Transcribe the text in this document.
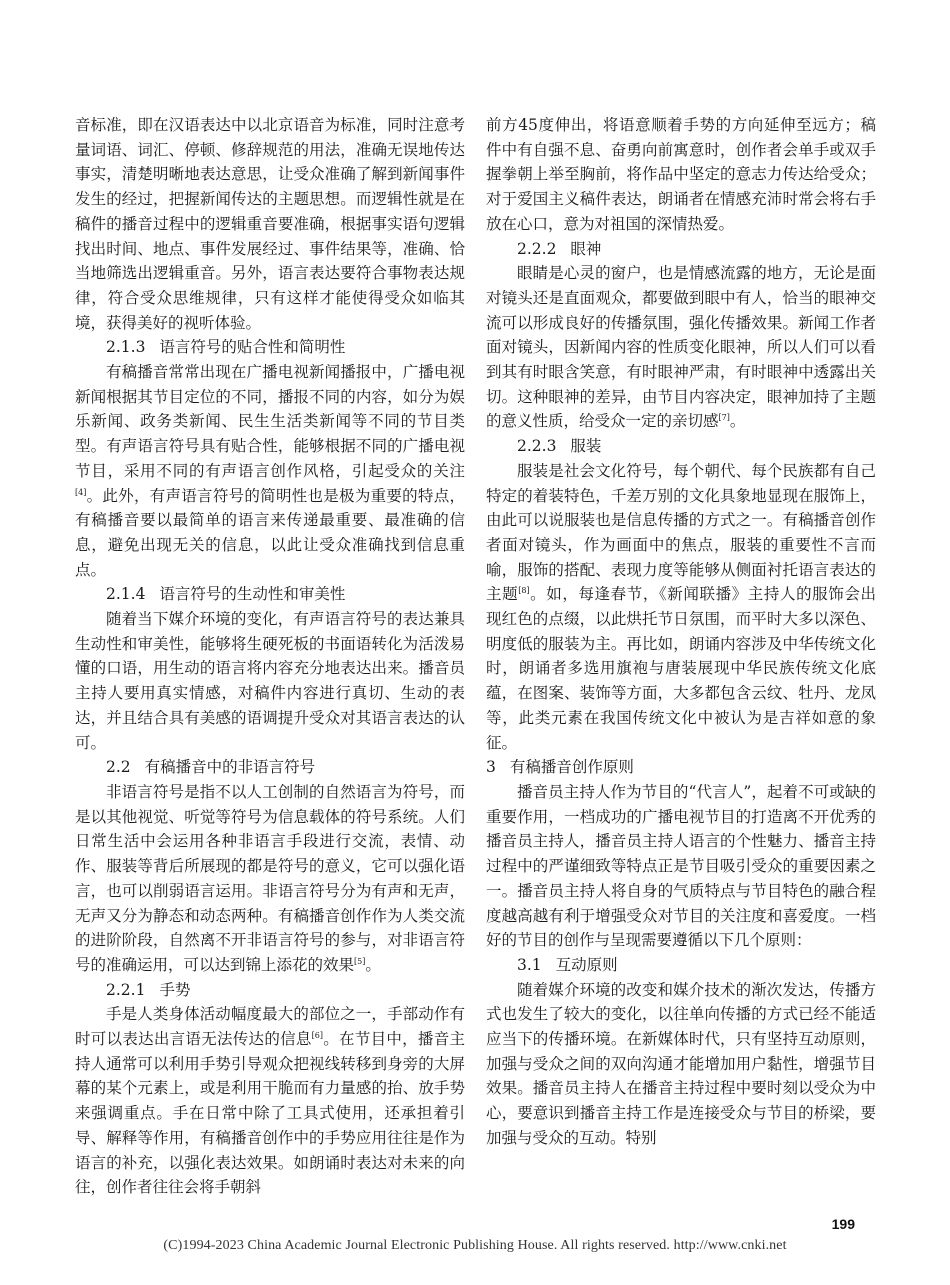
音标准，即在汉语表达中以北京语音为标准，同时注意考量词语、词汇、停顿、修辞规范的用法，准确无误地传达事实，清楚明晰地表达意思，让受众准确了解到新闻事件发生的经过，把握新闻传达的主题思想。而逻辑性就是在稿件的播音过程中的逻辑重音要准确，根据事实语句逻辑找出时间、地点、事件发展经过、事件结果等，准确、恰当地筛选出逻辑重音。另外，语言表达要符合事物表达规律，符合受众思维规律，只有这样才能使得受众如临其境，获得美好的视听体验。

2.1.3 语言符号的贴合性和简明性

有稿播音常常出现在广播电视新闻播报中，广播电视新闻根据其节目定位的不同，播报不同的内容，如分为娱乐新闻、政务类新闻、民生生活类新闻等不同的节目类型。有声语言符号具有贴合性，能够根据不同的广播电视节目，采用不同的有声语言创作风格，引起受众的关注[4]。此外，有声语言符号的简明性也是极为重要的特点，有稿播音要以最简单的语言来传递最重要、最准确的信息，避免出现无关的信息，以此让受众准确找到信息重点。

2.1.4 语言符号的生动性和审美性

随着当下媒介环境的变化，有声语言符号的表达兼具生动性和审美性，能够将生硬死板的书面语转化为活泼易懂的口语，用生动的语言将内容充分地表达出来。播音员主持人要用真实情感，对稿件内容进行真切、生动的表达，并且结合具有美感的语调提升受众对其语言表达的认可。

2.2 有稿播音中的非语言符号

非语言符号是指不以人工创制的自然语言为符号，而是以其他视觉、听觉等符号为信息载体的符号系统。人们日常生活中会运用各种非语言手段进行交流，表情、动作、服装等背后所展现的都是符号的意义，它可以强化语言，也可以削弱语言运用。非语言符号分为有声和无声，无声又分为静态和动态两种。有稿播音创作作为人类交流的进阶阶段，自然离不开非语言符号的参与，对非语言符号的准确运用，可以达到锦上添花的效果[5]。

2.2.1 手势

手是人类身体活动幅度最大的部位之一，手部动作有时可以表达出言语无法传达的信息[6]。在节目中，播音主持人通常可以利用手势引导观众把视线转移到身旁的大屏幕的某个元素上，或是利用干脆而有力量感的抬、放手势来强调重点。手在日常中除了工具式使用，还承担着引导、解释等作用，有稿播音创作中的手势应用往往是作为语言的补充，以强化表达效果。如朗诵时表达对未来的向往，创作者往往会将手朝斜

前方45度伸出，将语意顺着手势的方向延伸至远方；稿件中有自强不息、奋勇向前寓意时，创作者会单手或双手握拳朝上举至胸前，将作品中坚定的意志力传达给受众；对于爱国主义稿件表达，朗诵者在情感充沛时常会将右手放在心口，意为对祖国的深情热爱。

2.2.2 眼神

眼睛是心灵的窗户，也是情感流露的地方，无论是面对镜头还是直面观众，都要做到眼中有人，恰当的眼神交流可以形成良好的传播氛围，强化传播效果。新闻工作者面对镜头，因新闻内容的性质变化眼神，所以人们可以看到其有时眼含笑意，有时眼神严肃，有时眼神中透露出关切。这种眼神的差异，由节目内容决定，眼神加持了主题的意义性质，给受众一定的亲切感[7]。

2.2.3 服装

服装是社会文化符号，每个朝代、每个民族都有自己特定的着装特色，千差万别的文化具象地显现在服饰上，由此可以说服装也是信息传播的方式之一。有稿播音创作者面对镜头，作为画面中的焦点，服装的重要性不言而喻，服饰的搭配、表现力度等能够从侧面衬托语言表达的主题[8]。如，每逢春节，《新闻联播》主持人的服饰会出现红色的点缀，以此烘托节日氛围，而平时大多以深色、明度低的服装为主。再比如，朗诵内容涉及中华传统文化时，朗诵者多选用旗袍与唐装展现中华民族传统文化底蕴，在图案、装饰等方面，大多都包含云纹、牡丹、龙凤等，此类元素在我国传统文化中被认为是吉祥如意的象征。

3 有稿播音创作原则

播音员主持人作为节目的“代言人”，起着不可或缺的重要作用，一档成功的广播电视节目的打造离不开优秀的播音员主持人，播音员主持人语言的个性魅力、播音主持过程中的严谨细致等特点正是节目吸引受众的重要因素之一。播音员主持人将自身的气质特点与节目特色的融合程度越高越有利于增强受众对节目的关注度和喜爱度。一档好的节目的创作与呈现需要遵循以下几个原则：

3.1 互动原则

随着媒介环境的改变和媒介技术的渐次发达，传播方式也发生了较大的变化，以往单向传播的方式已经不能适应当下的传播环境。在新媒体时代，只有坚持互动原则，加强与受众之间的双向沟通才能增加用户黏性，增强节目效果。播音员主持人在播音主持过程中要时刻以受众为中心，要意识到播音主持工作是连接受众与节目的桥梁，要加强与受众的互动。特别

199
(C)1994-2023 China Academic Journal Electronic Publishing House. All rights reserved. http://www.cnki.net
